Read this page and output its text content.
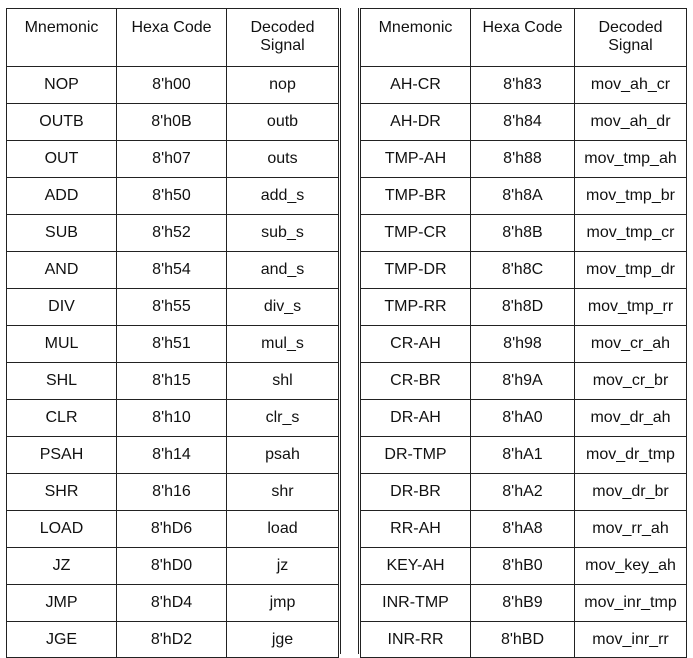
Mnemonic	Hexa Code	Decoded
Signal
NOP	8'h00	nop
OUTB	8'h0B	outb
OUT	8'h07	outs
ADD	8'h50	add_s
SUB	8'h52	sub_s
AND	8'h54	and_s
DIV	8'h55	div_s
MUL	8'h51	mul_s
SHL	8'h15	shl
CLR	8'h10	clr_s
PSAH	8'h14	psah
SHR	8'h16	shr
LOAD	8'hD6	load
JZ	8'hD0	jz
JMP	8'hD4	jmp
JGE	8'hD2	jge
Mnemonic	Hexa Code	Decoded
Signal
AH-CR	8'h83	mov_ah_cr
AH-DR	8'h84	mov_ah_dr
TMP-AH	8'h88	mov_tmp_ah
TMP-BR	8'h8A	mov_tmp_br
TMP-CR	8'h8B	mov_tmp_cr
TMP-DR	8'h8C	mov_tmp_dr
TMP-RR	8'h8D	mov_tmp_rr
CR-AH	8'h98	mov_cr_ah
CR-BR	8'h9A	mov_cr_br
DR-AH	8'hA0	mov_dr_ah
DR-TMP	8'hA1	mov_dr_tmp
DR-BR	8'hA2	mov_dr_br
RR-AH	8'hA8	mov_rr_ah
KEY-AH	8'hB0	mov_key_ah
INR-TMP	8'hB9	mov_inr_tmp
INR-RR	8'hBD	mov_inr_rr
